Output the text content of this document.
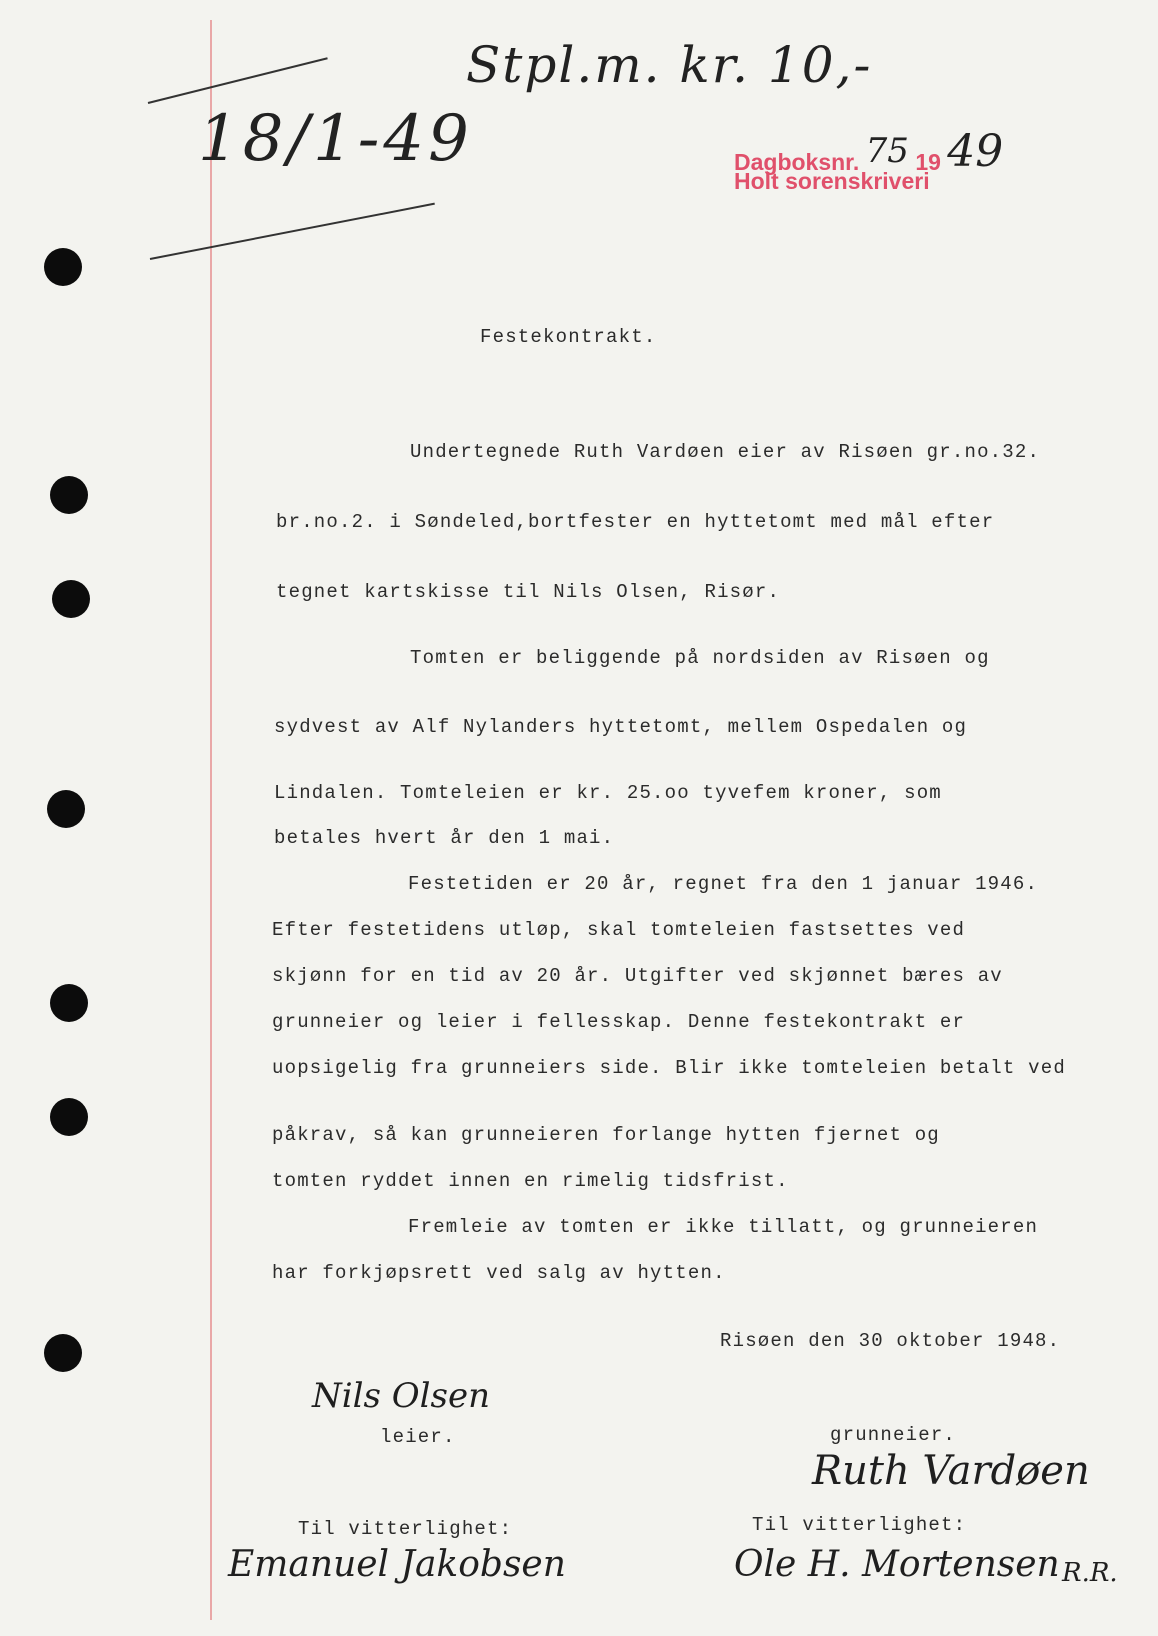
18/1-49
Stpl.m. kr. 10,-
Dagboksnr. 75 19 49
Holt sorenskriveri
Festekontrakt.
Undertegnede Ruth Vardøen eier av Risøen gr.no.32.
br.no.2. i Søndeled,bortfester en hyttetomt med mål efter
tegnet kartskisse til Nils Olsen, Risør.
Tomten er beliggende på nordsiden av Risøen og
sydvest av Alf Nylanders hyttetomt, mellem Ospedalen og
Lindalen. Tomteleien er kr. 25.oo tyvefem kroner, som
betales hvert år den 1 mai.
Festetiden er 20 år, regnet fra den 1 januar 1946.
Efter festetidens utløp, skal tomteleien fastsettes ved
skjønn for en tid av 20 år. Utgifter ved skjønnet bæres av
grunneier og leier i fellesskap. Denne festekontrakt er
uopsigelig fra grunneiers side. Blir ikke tomteleien betalt ved
påkrav, så kan grunneieren forlange hytten fjernet og
tomten ryddet innen en rimelig tidsfrist.
Fremleie av tomten er ikke tillatt, og grunneieren
har forkjøpsrett ved salg av hytten.
Risøen den 30 oktober 1948.
Nils Olsen
leier.	grunneier.
Ruth Vardøen
Til vitterlighet:
Emanuel Jakobsen
Til vitterlighet:
Ole H. Mortensen R.R.
